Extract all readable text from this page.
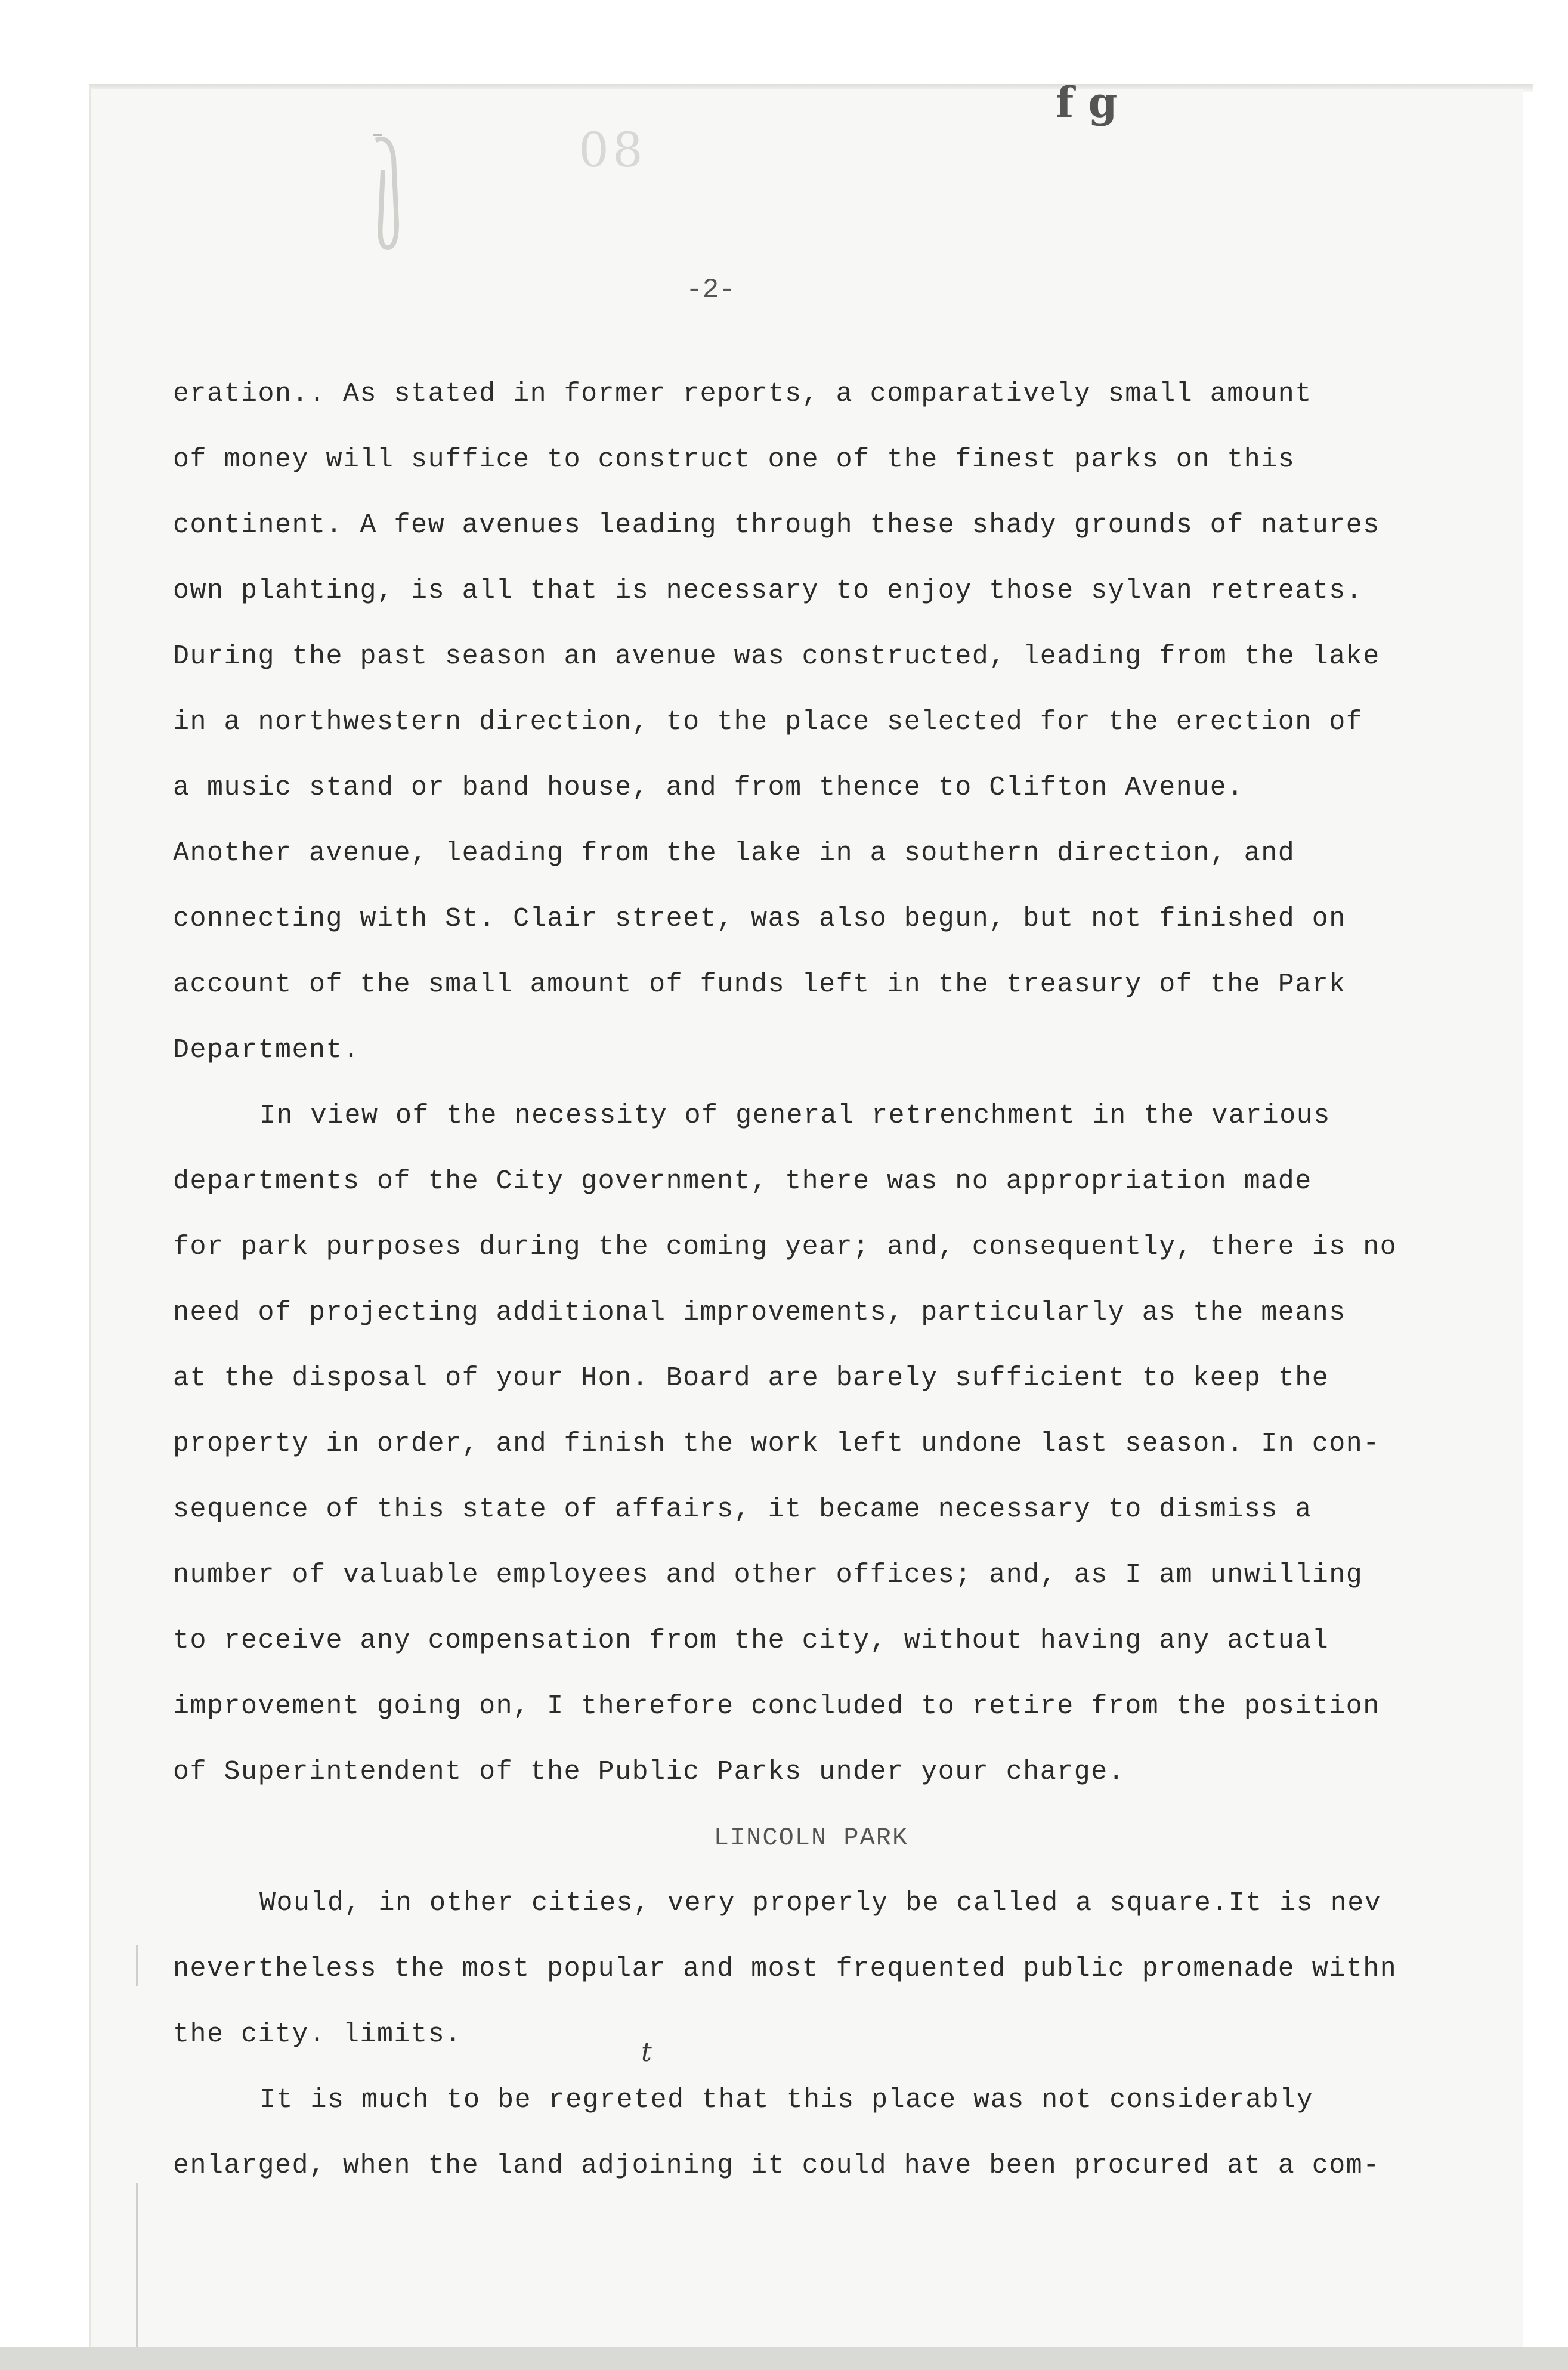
08
f g
-2-
eration.. As stated in former reports, a comparatively small amount
of money will suffice to construct one of the finest parks on this
continent. A few avenues leading through these shady grounds of natures
own plahting, is all that is necessary to enjoy those sylvan retreats.
During the past season an avenue was constructed, leading from the lake
in a northwestern direction, to the place selected for the erection of
a music stand or band house, and from thence to Clifton Avenue.
Another avenue, leading from the lake in a southern direction, and
connecting with St. Clair street, was also begun, but not finished on
account of the small amount of funds left in the treasury of the Park
Department.
In view of the necessity of general retrenchment in the various
departments of the City government, there was no appropriation made
for park purposes during the coming year; and, consequently, there is no
need of projecting additional improvements, particularly as the means
at the disposal of your Hon. Board are barely sufficient to keep the
property in order, and finish the work left undone last season. In con-
sequence of this state of affairs, it became necessary to dismiss a
number of valuable employees and other offices; and, as I am unwilling
to receive any compensation from the city, without having any actual
improvement going on, I therefore concluded to retire from the position
of Superintendent of the Public Parks under your charge.
LINCOLN PARK
Would, in other cities, very properly be called a square.It is nev
nevertheless the most popular and most frequented public promenade withn
the city. limits.
It is much to be regreted that this place was not considerably
enlarged, when the land adjoining it could have been procured at a com-
t
